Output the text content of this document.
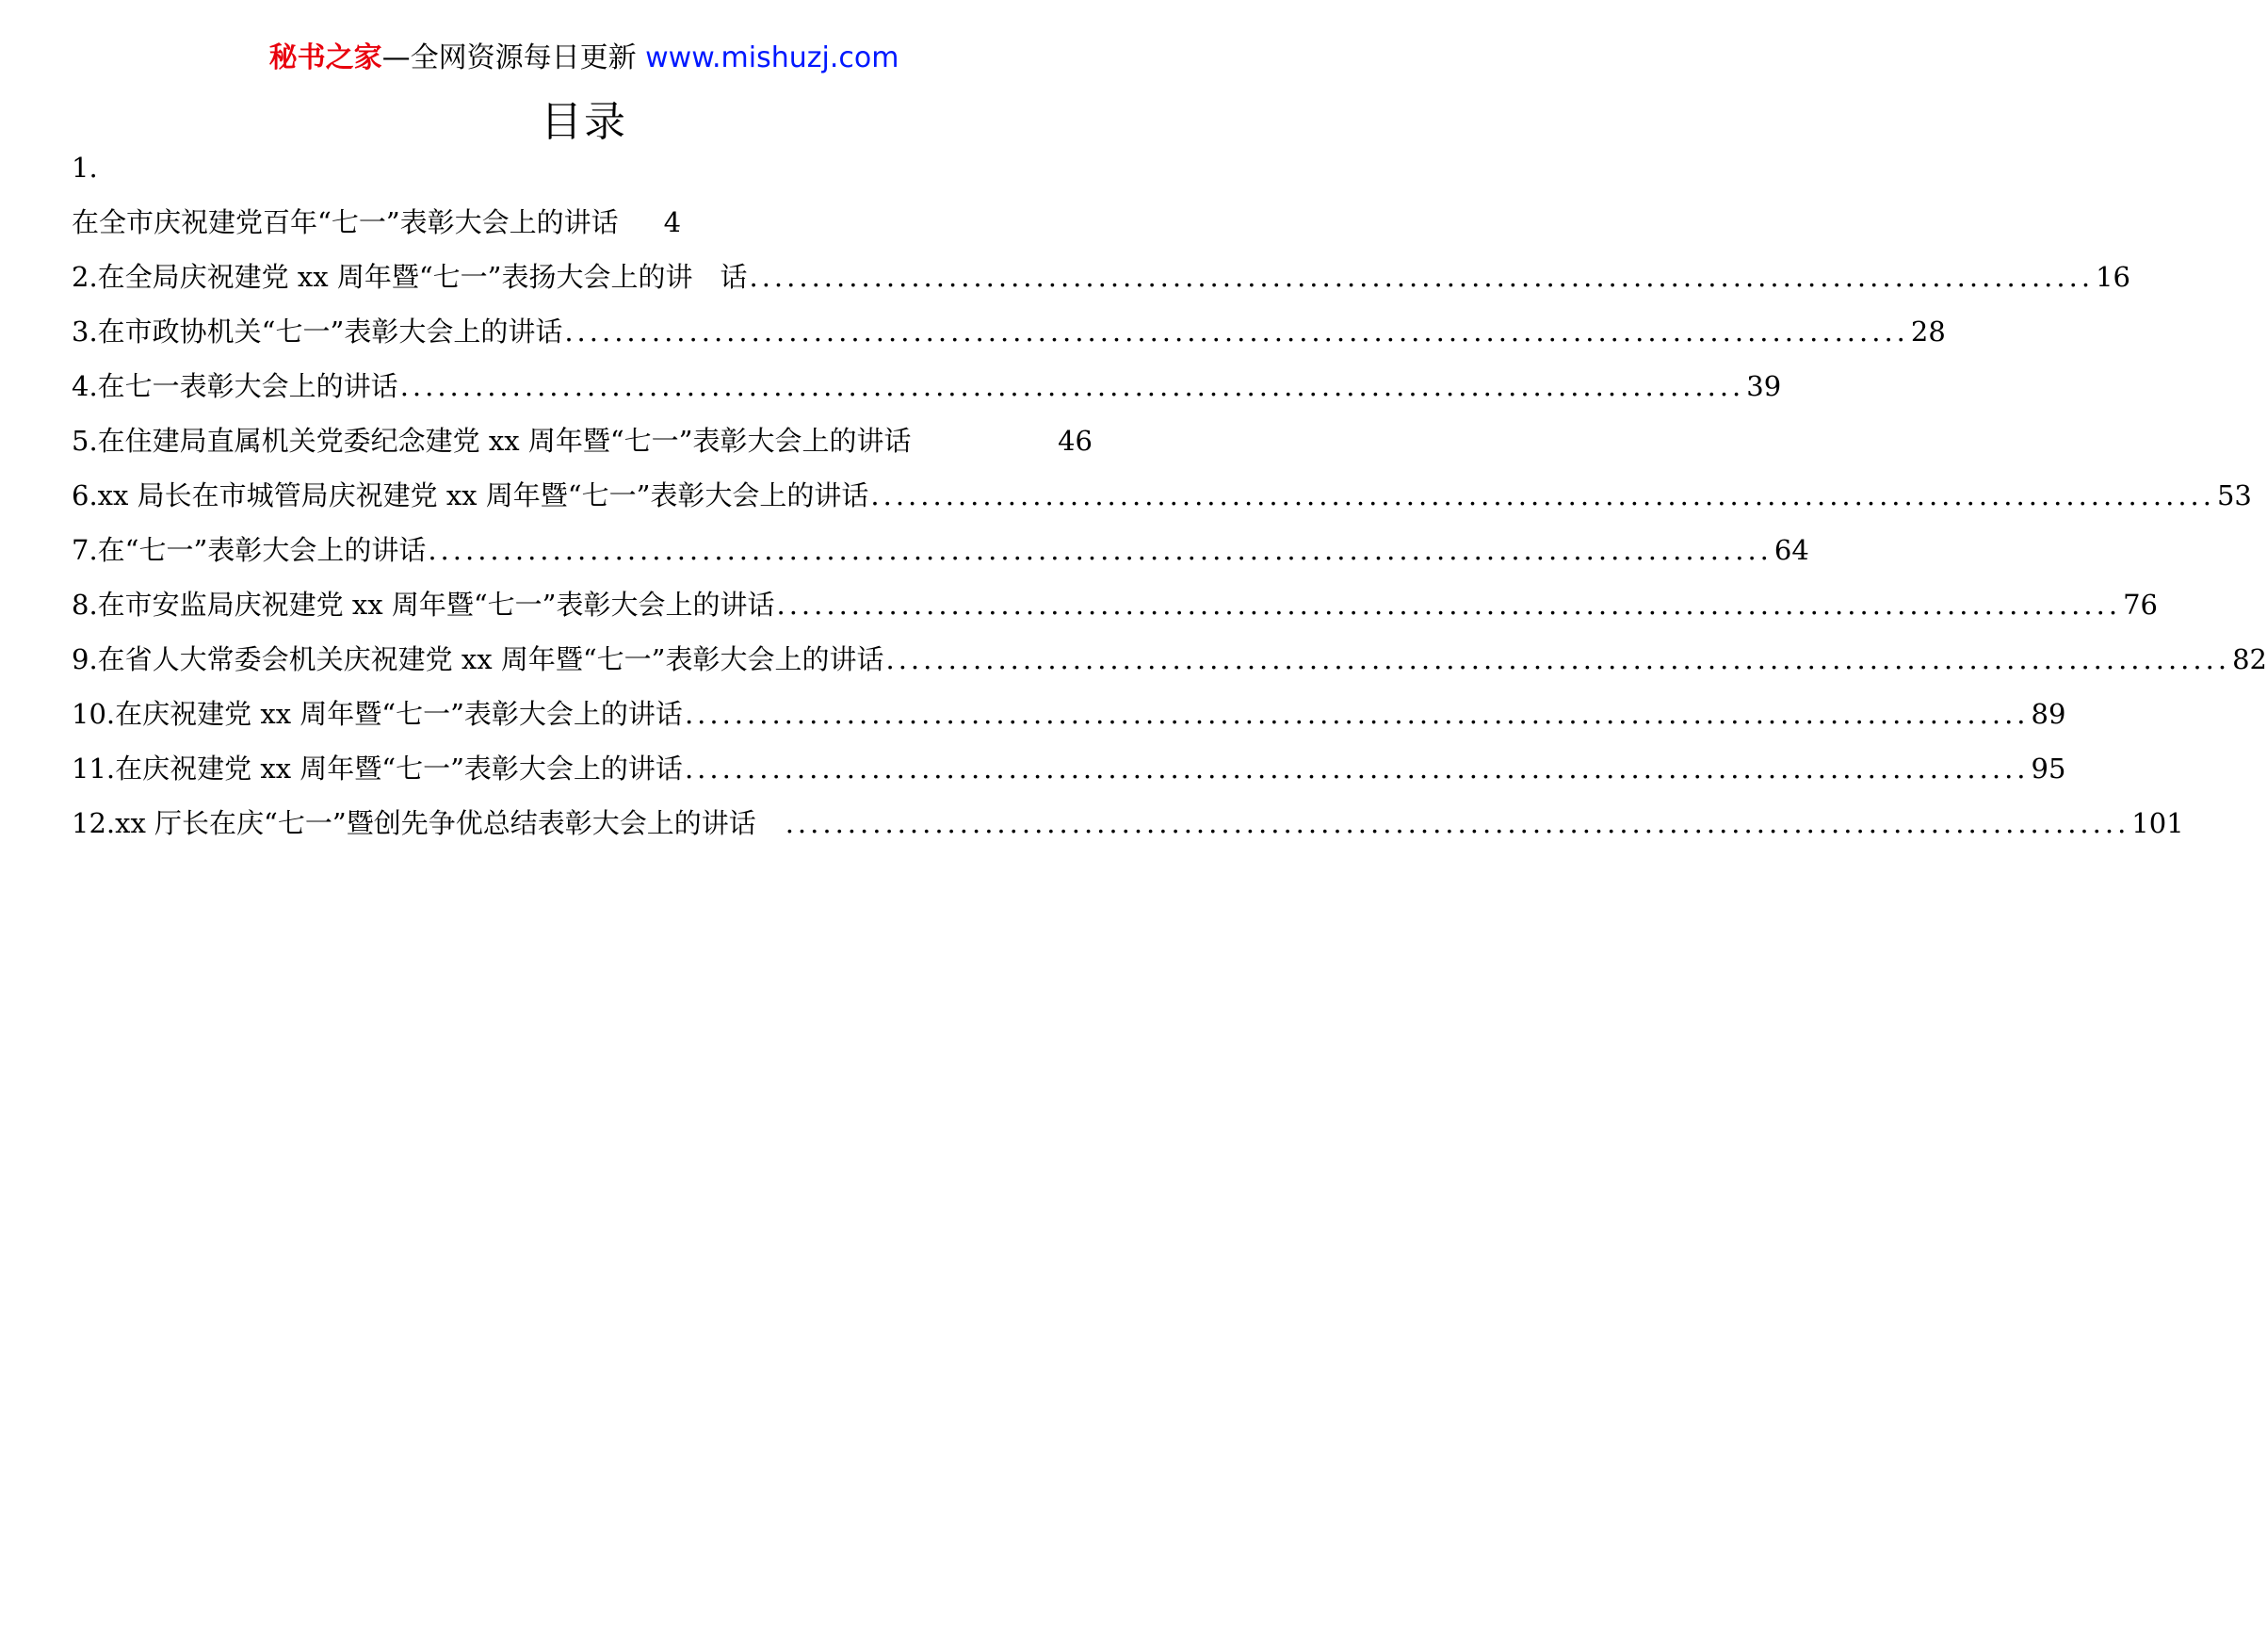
秘书之家—全网资源每日更新 www.mishuzj.com
目录
1.
在全市庆祝建党百年“七一”表彰大会上的讲话 4
2. 在全局庆祝建党 xx 周年暨“七一”表扬大会上的讲　话 ............................................................................................................ 16
3. 在市政协机关“七一”表彰大会上的讲话 ............................................................................................................ 28
4. 在七一表彰大会上的讲话 ............................................................................................................ 39
5. 在住建局直属机关党委纪念建党 xx 周年暨“七一”表彰大会上的讲话	46
6. xx 局长在市城管局庆祝建党 xx 周年暨“七一”表彰大会上的讲话 ............................................................................................................ 53
7. 在“七一”表彰大会上的讲话 ............................................................................................................ 64
8. 在市安监局庆祝建党 xx 周年暨“七一”表彰大会上的讲话 ............................................................................................................ 76
9. 在省人大常委会机关庆祝建党 xx 周年暨“七一”表彰大会上的讲话 ............................................................................................................ 82
10. 在庆祝建党 xx 周年暨“七一”表彰大会上的讲话 ............................................................................................................ 89
11. 在庆祝建党 xx 周年暨“七一”表彰大会上的讲话 ............................................................................................................ 95
12. xx 厅长在庆“七一”暨创先争优总结表彰大会上的讲话　 ............................................................................................................ 101
